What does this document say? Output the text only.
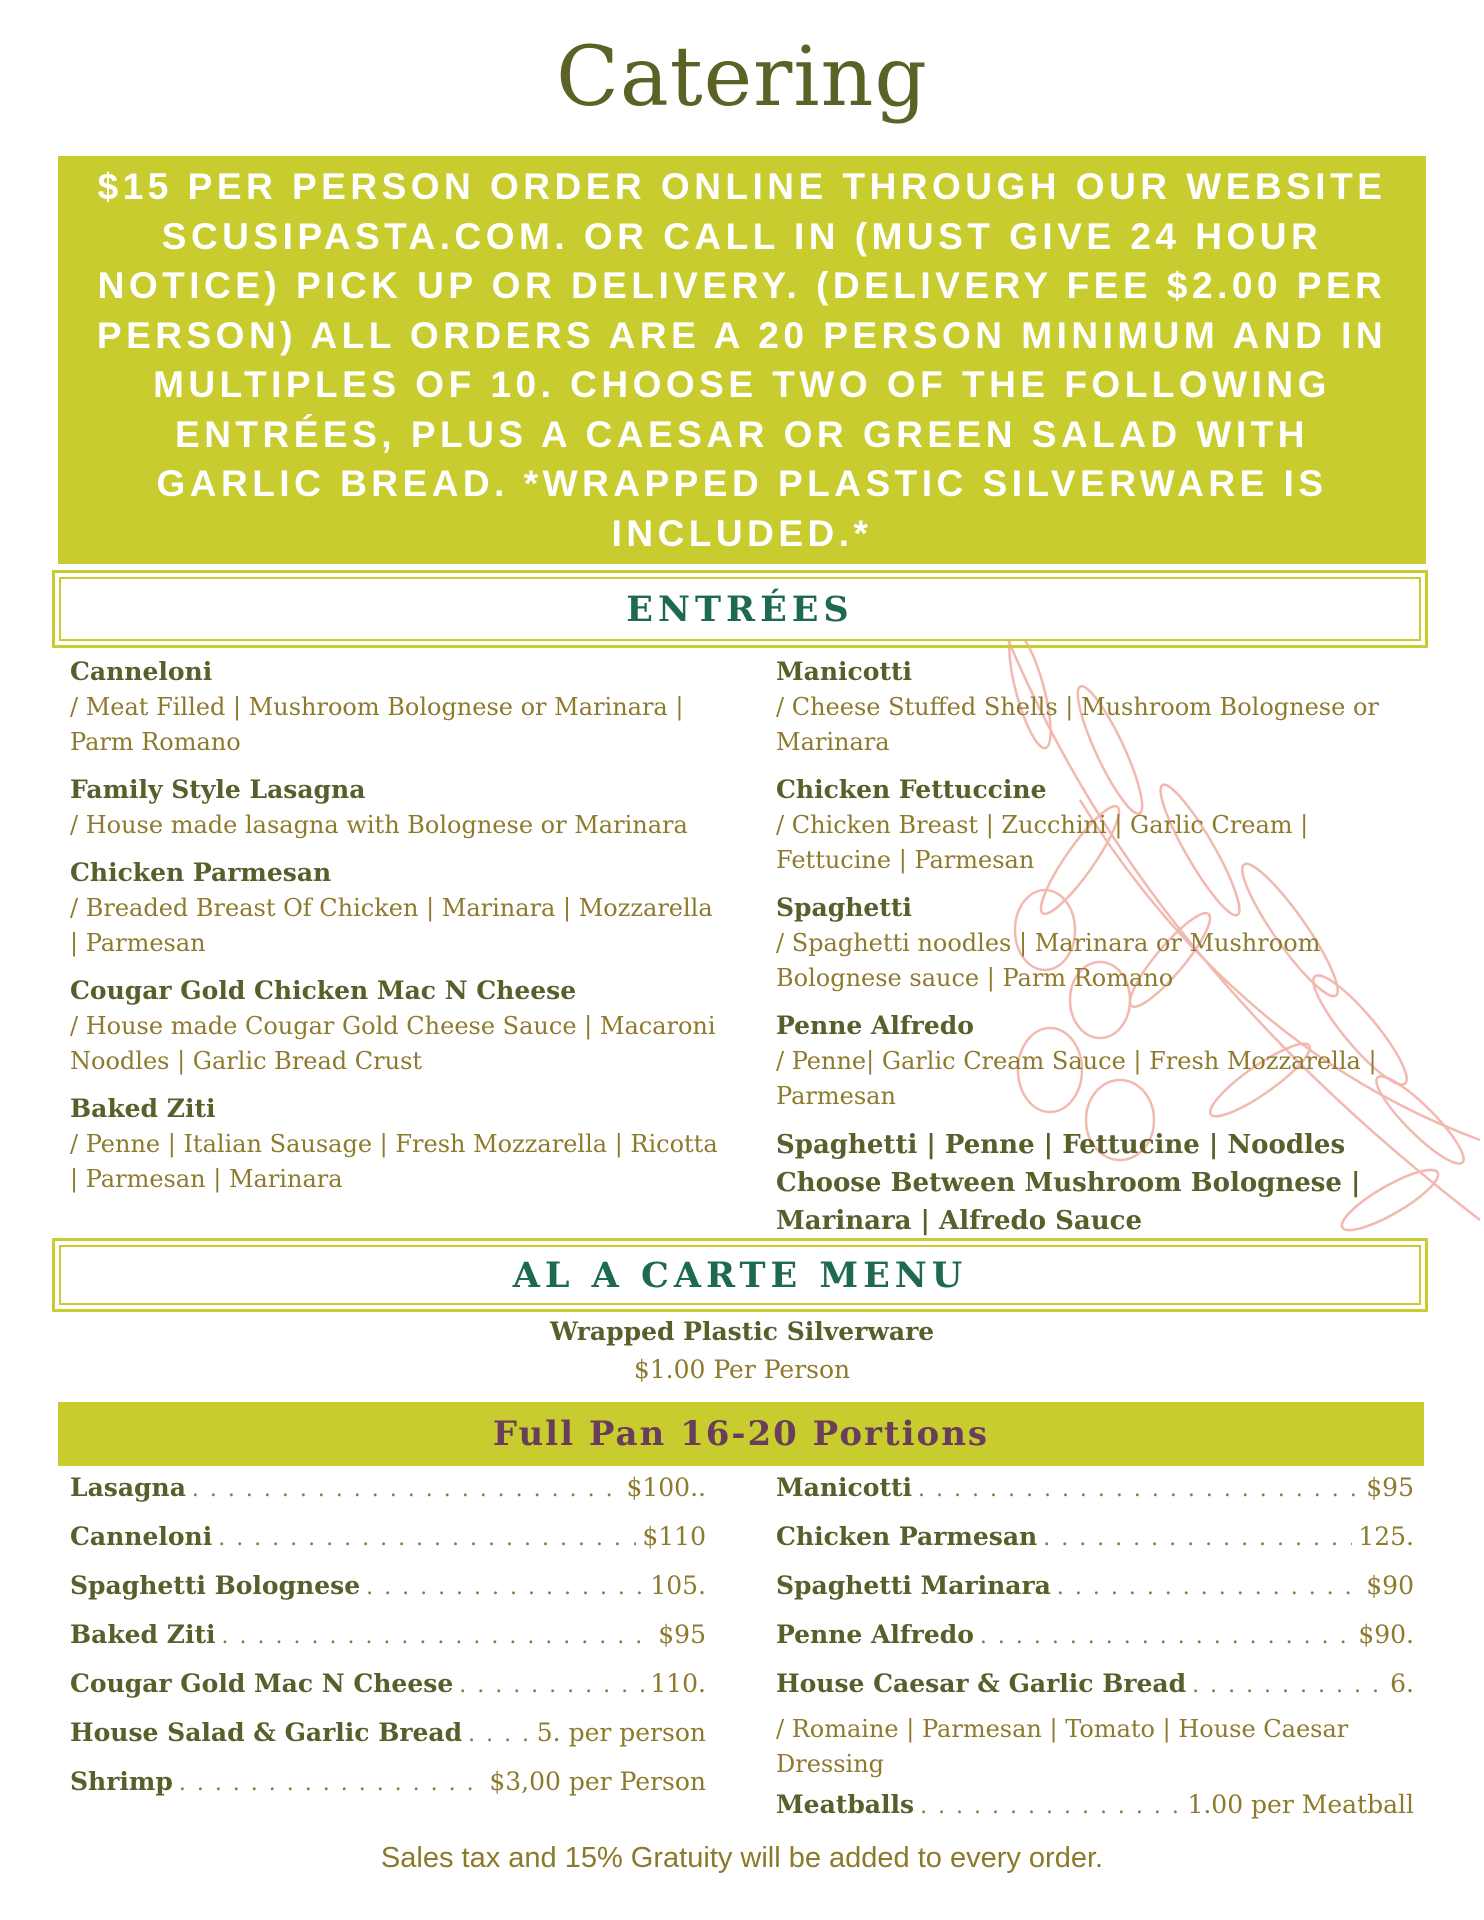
Catering

$15 PER PERSON ORDER ONLINE THROUGH OUR WEBSITE SCUSIPASTA.COM. OR CALL IN (MUST GIVE 24 HOUR NOTICE) PICK UP OR DELIVERY. (DELIVERY FEE $2.00 PER PERSON) ALL ORDERS ARE A 20 PERSON MINIMUM AND IN MULTIPLES OF 10. CHOOSE TWO OF THE FOLLOWING ENTRÉES, PLUS A CAESAR OR GREEN SALAD WITH GARLIC BREAD. *WRAPPED PLASTIC SILVERWARE IS INCLUDED.*

ENTRÉES
Canneloni
/ Meat Filled | Mushroom Bolognese or Marinara | Parm Romano
Family Style Lasagna
/ House made lasagna with Bolognese or Marinara
Chicken Parmesan
/ Breaded Breast Of Chicken | Marinara | Mozzarella | Parmesan
Cougar Gold Chicken Mac N Cheese
/ House made Cougar Gold Cheese Sauce | Macaroni Noodles | Garlic Bread Crust
Baked Ziti
/ Penne | Italian Sausage | Fresh Mozzarella | Ricotta | Parmesan | Marinara
Manicotti
/ Cheese Stuffed Shells | Mushroom Bolognese or Marinara
Chicken Fettuccine
/ Chicken Breast | Zucchini | Garlic Cream | Fettucine | Parmesan
Spaghetti
/ Spaghetti noodles | Marinara or Mushroom Bolognese sauce | Parm Romano
Penne Alfredo
/ Penne| Garlic Cream Sauce | Fresh Mozzarella | Parmesan
Spaghetti | Penne | Fettucine | Noodles Choose Between Mushroom Bolognese | Marinara | Alfredo Sauce
AL A CARTE MENU
Wrapped Plastic Silverware
$1.00 Per Person
Full Pan 16-20 Portions
Lasagna . . .	$100..
Canneloni . . .	$110
Spaghetti Bolognese . . .	105.
Baked Ziti . . .	$95
Cougar Gold Mac N Cheese . . .	110.
House Salad & Garlic Bread . . .	5. per person
Shrimp . . .	$3,00 per Person
Manicotti . . .	$95
Chicken Parmesan . . .	125.
Spaghetti Marinara . . .	$90
Penne Alfredo . . .	$90.
House Caesar & Garlic Bread . . .	6.
/ Romaine | Parmesan | Tomato | House Caesar Dressing
Meatballs . . .	1.00 per Meatball
Sales tax and 15% Gratuity will be added to every order.
